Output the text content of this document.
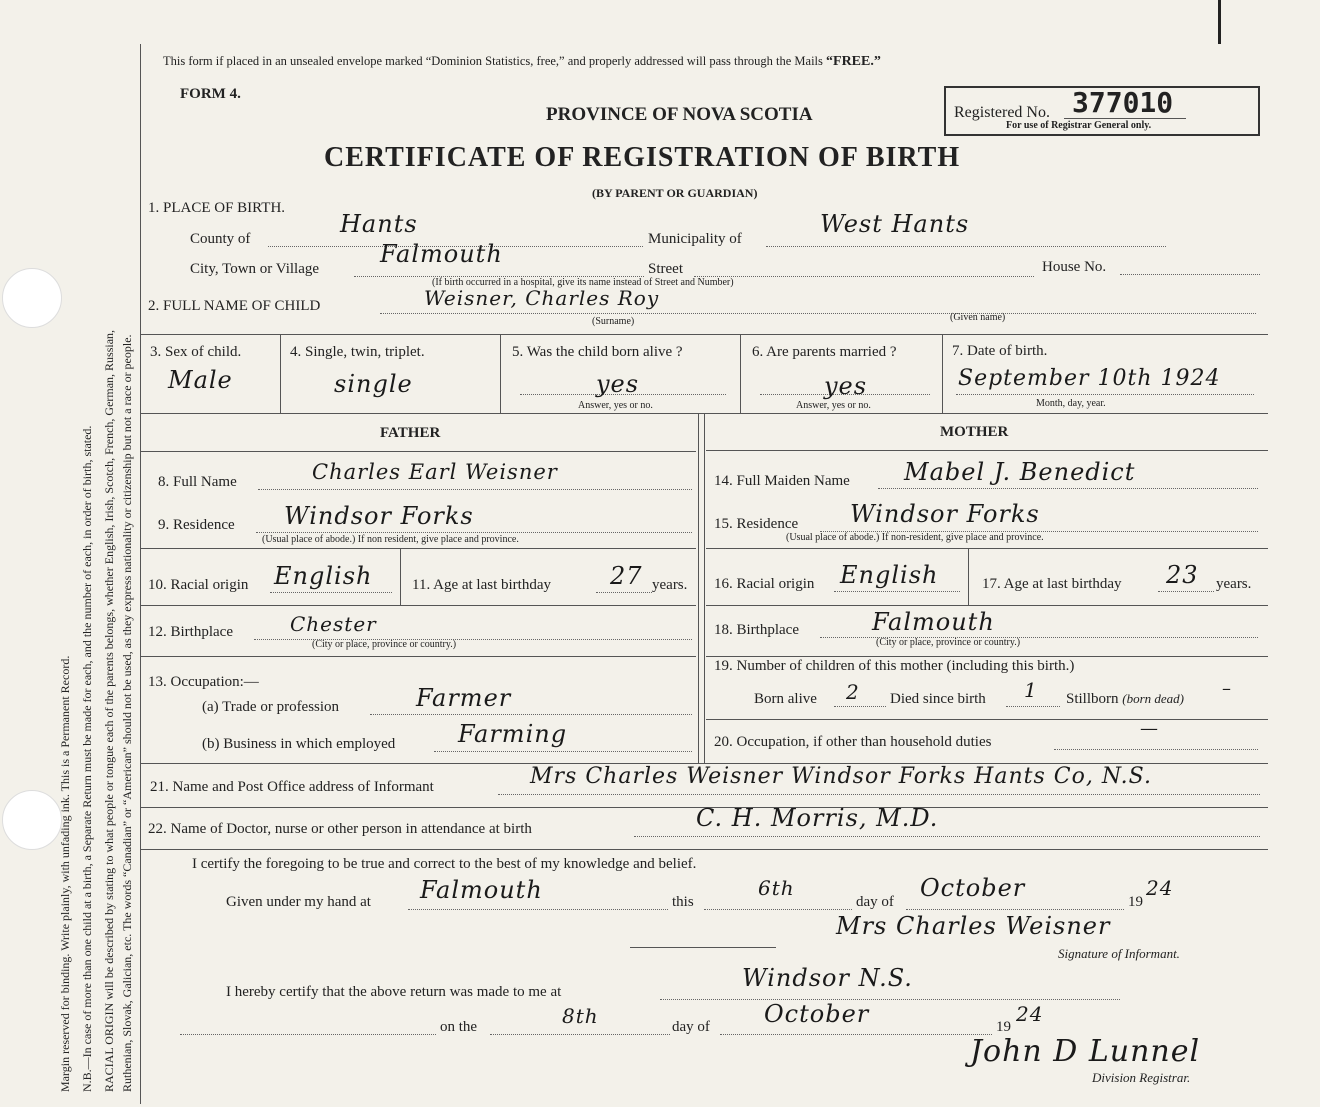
Margin reserved for binding. Write plainly, with unfading ink. This is a Permanent Record. N.B.—In case of more than one child at a birth, a Separate Return must be made for each, and the number of each, in order of birth, stated. RACIAL ORIGIN will be described by stating to what people or tongue each of the parents belongs, whether English, Irish, Scotch, French, German, Russian, Ruthenian, Slovak, Galician, etc. The words “Canadian” or “American” should not be used, as they express nationality or citizenship but not a race or people.
This form if placed in an unsealed envelope marked “Dominion Statistics, free,” and properly addressed will pass through the Mails “FREE.”
FORM 4.
PROVINCE OF NOVA SCOTIA
CERTIFICATE OF REGISTRATION OF BIRTH
(BY PARENT OR GUARDIAN)
Registered No. 377010
For use of Registrar General only.
1. PLACE OF BIRTH.
County of
Hants
Municipality of
West Hants
City, Town or Village
Falmouth
Street	House No.
(If birth occurred in a hospital, give its name instead of Street and Number)
2. FULL NAME OF CHILD	Weisner, Charles Roy
(Surname)	(Given name)
3. Sex of child.
Male
4. Single, twin, triplet.
single
5. Was the child born alive ?
yes
Answer, yes or no.
6. Are parents married ?
yes
Answer, yes or no.
7. Date of birth.
September 10th 1924
Month, day, year.
FATHER	MOTHER
8. Full Name	Charles Earl Weisner
9. Residence Windsor Forks
(Usual place of abode.) If non resident, give place and province.
10. Racial origin English	11. Age at last birthday 27 years.
12. Birthplace	Chester
(City or place, province or country.)
13. Occupation:—
(a) Trade or profession	Farmer
(b) Business in which employed	Farming
14. Full Maiden Name Mabel J. Benedict
15. Residence Windsor Forks
(Usual place of abode.) If non-resident, give place and province.
16. Racial origin English	17. Age at last birthday 23 years.
18. Birthplace	Falmouth
(City or place, province or country.)
19. Number of children of this mother (including this birth.)
Born alive 2 Died since birth 1 Stillborn (born dead) –
20. Occupation, if other than household duties
—
21. Name and Post Office address of Informant	Mrs Charles Weisner Windsor Forks Hants Co, N.S.
22. Name of Doctor, nurse or other person in attendance at birth	C. H. Morris, M.D.
I certify the foregoing to be true and correct to the best of my knowledge and belief.
Given under my hand at Falmouth	this
6th
day of October	19
24
Mrs Charles Weisner
Signature of Informant.
I hereby certify that the above return was made to me at	Windsor N.S.
on the	8th	day of October	19
24
John D Lunnel
Division Registrar.
